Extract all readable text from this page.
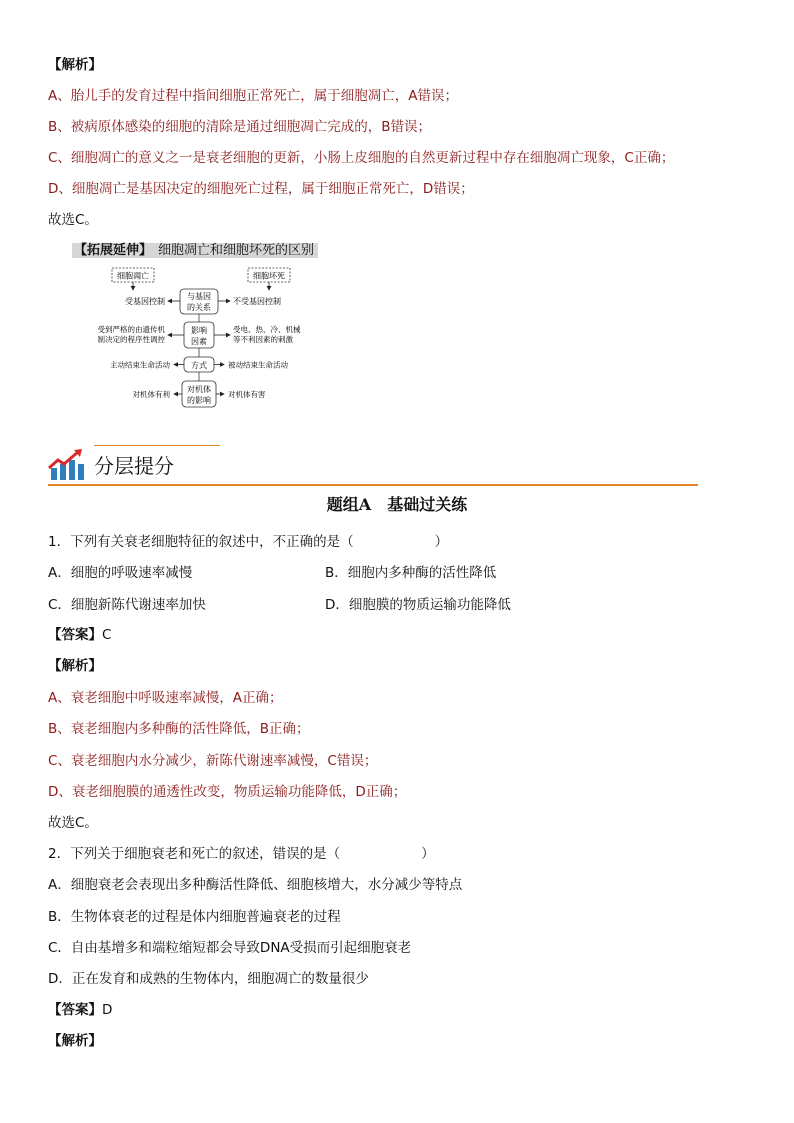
【解析】
A、胎儿手的发育过程中指间细胞正常死亡，属于细胞凋亡，A错误；
B、被病原体感染的细胞的清除是通过细胞凋亡完成的，B错误；
C、细胞凋亡的意义之一是衰老细胞的更新，小肠上皮细胞的自然更新过程中存在细胞凋亡现象，C正确；
D、细胞凋亡是基因决定的细胞死亡过程，属于细胞正常死亡，D错误；
故选C。
【拓展延伸】 细胞凋亡和细胞坏死的区别
细胞凋亡	细胞坏死
与基因
的关系
受基因控制	不受基因控制
影响
因素
受到严格的由遗传机
制决定的程序性调控
受电、热、冷、机械
等不利因素的刺激
方式
主动结束生命活动	被动结束生命活动
对机体
的影响
对机体有利	对机体有害
分层提分
题组A　基础过关练
1．下列有关衰老细胞特征的叙述中，不正确的是（　　　　　　）
A．细胞的呼吸速率减慢	B．细胞内多种酶的活性降低
C．细胞新陈代谢速率加快	D．细胞膜的物质运输功能降低
【答案】C
【解析】
A、衰老细胞中呼吸速率减慢，A正确；
B、衰老细胞内多种酶的活性降低，B正确；
C、衰老细胞内水分减少，新陈代谢速率减慢，C错误；
D、衰老细胞膜的通透性改变，物质运输功能降低，D正确；
故选C。
2．下列关于细胞衰老和死亡的叙述，错误的是（　　　　　　）
A．细胞衰老会表现出多种酶活性降低、细胞核增大，水分减少等特点
B．生物体衰老的过程是体内细胞普遍衰老的过程
C．自由基增多和端粒缩短都会导致DNA受损而引起细胞衰老
D．正在发育和成熟的生物体内，细胞凋亡的数量很少
【答案】D
【解析】
